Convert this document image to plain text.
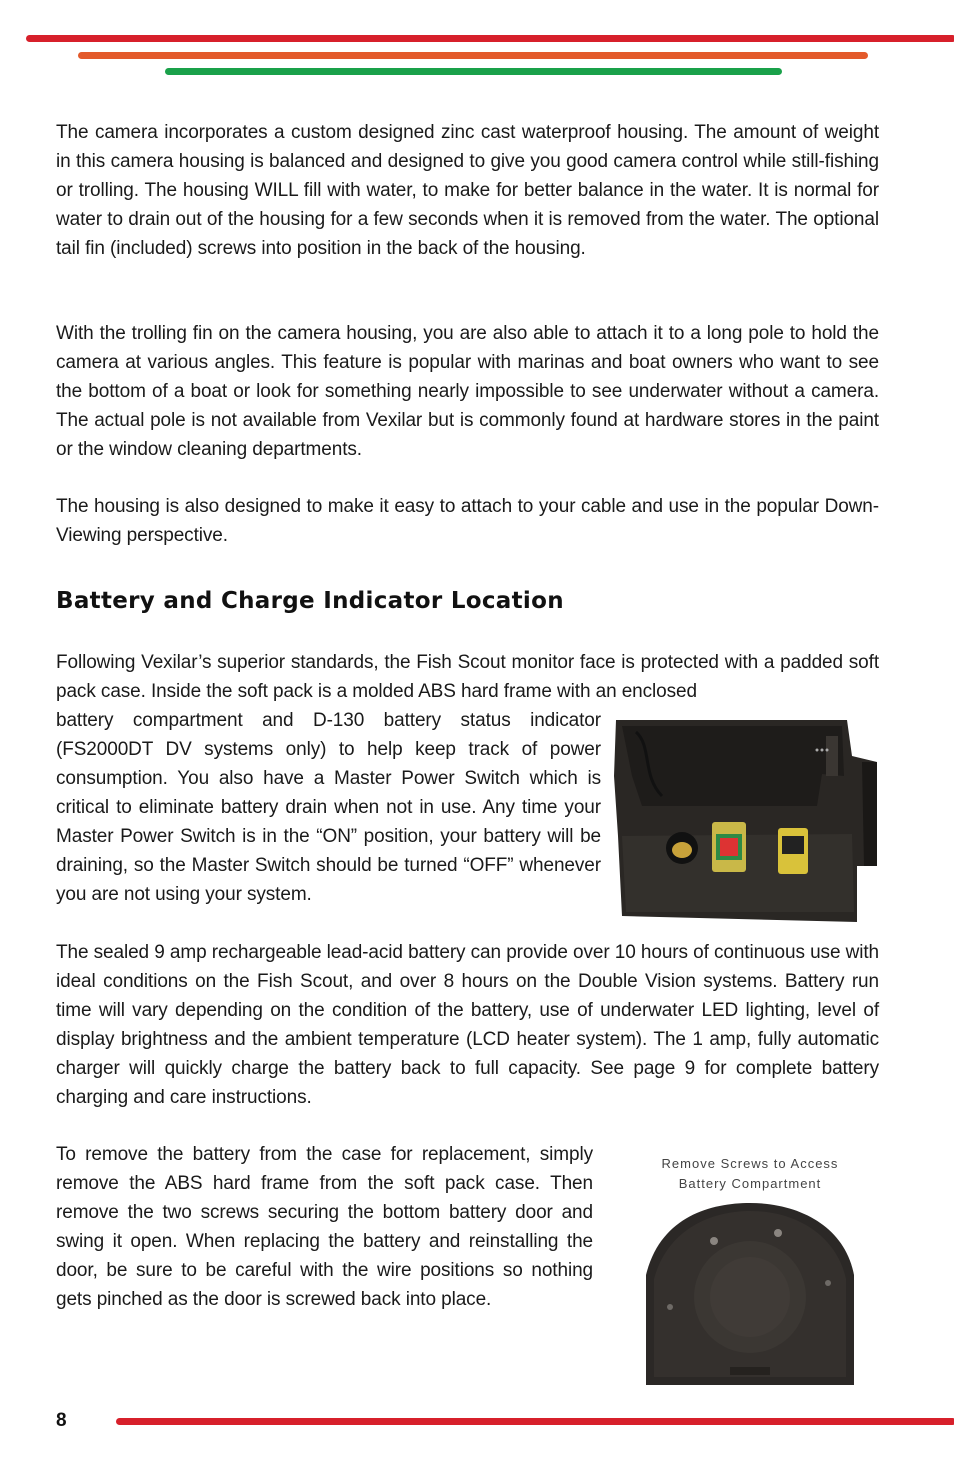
The camera incorporates a custom designed zinc cast waterproof housing. The amount of weight in this camera housing is balanced and designed to give you good camera control while still-fishing or trolling. The housing WILL fill with water, to make for better balance in the water. It is normal for water to drain out of the housing for a few seconds when it is removed from the water. The optional tail fin (included) screws into position in the back of the housing.

With the trolling fin on the camera housing, you are also able to attach it to a long pole to hold the camera at various angles. This feature is popular with marinas and boat owners who want to see the bottom of a boat or look for something nearly impossible to see underwater without a camera. The actual pole is not available from Vexilar but is commonly found at hardware stores in the paint or the window cleaning departments.

The housing is also designed to make it easy to attach to your cable and use in the popular Down-Viewing perspective.

Battery and Charge Indicator Location

Following Vexilar’s superior standards, the Fish Scout monitor face is protected with a padded soft pack case. Inside the soft pack is a molded ABS hard frame with an enclosed

battery compartment and D-130 battery status indicator (FS2000DT DV systems only) to help keep track of power consumption. You also have a Master Power Switch which is critical to eliminate battery drain when not in use. Any time your Master Power Switch is in the “ON” position, your battery will be draining, so the Master Switch should be turned “OFF” whenever you are not using your system.

The sealed 9 amp rechargeable lead-acid battery can provide over 10 hours of continuous use with ideal conditions on the Fish Scout, and over 8 hours on the Double Vision systems. Battery run time will vary depending on the condition of the battery, use of underwater LED lighting, level of display brightness and the ambient temperature (LCD heater system). The 1 amp, fully automatic charger will quickly charge the battery back to full capacity. See page 9 for complete battery charging and care instructions.

To remove the battery from the case for replacement, simply remove the ABS hard frame from the soft pack case. Then remove the two screws securing the bottom battery door and swing it open. When replacing the battery and reinstalling the door, be sure to be careful with the wire positions so nothing gets pinched as the door is screwed back into place.

Remove Screws to Access
Battery Compartment
8
